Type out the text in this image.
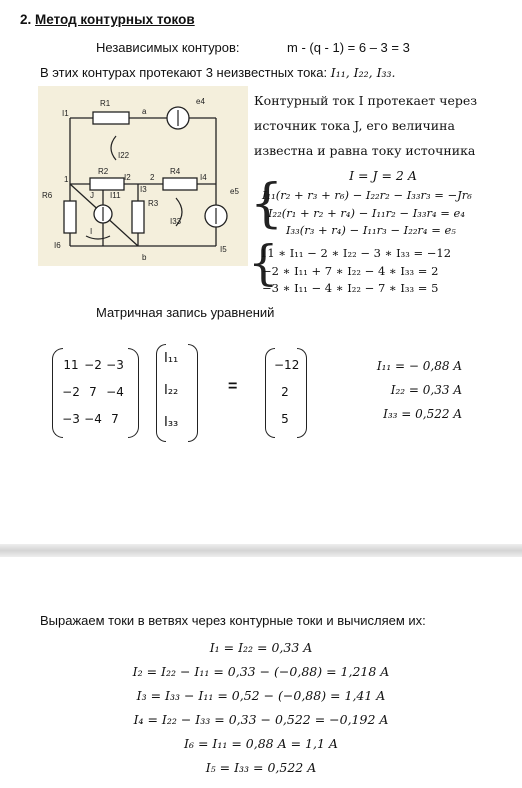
2. Метод контурных токов
Независимых контуров:	m - (q - 1) = 6 – 3 = 3
В этих контурах протекают 3 неизвестных тока: I₁₁, I₂₂, I₃₃.
R1
R2
R3
R4
R6
I1
I2
I3
I4
I5
I6
e4
e5
a
b
1	2
I22
I11
I33
J
I
Контурный ток I протекает через
источник тока J, его величина
известна и равна току источника
I = J = 2 A
{
I₁₁(r₂ + r₃ + r₆) − I₂₂r₂ − I₃₃r₃ = −Jr₆
I₂₂(r₁ + r₂ + r₄) − I₁₁r₂ − I₃₃r₄ = e₄
I₃₃(r₃ + r₄) − I₁₁r₃ − I₂₂r₄ = e₅
{
11 ∗ I₁₁ − 2 ∗ I₂₂ − 3 ∗ I₃₃ = −12
−2 ∗ I₁₁ + 7 ∗ I₂₂ − 4 ∗ I₃₃ = 2
−3 ∗ I₁₁ − 4 ∗ I₂₂ − 7 ∗ I₃₃ = 5
Матричная запись уравнений
11 −2 −3
−2 7 −4
−3 −4 7
I₁₁
I₂₂
I₃₃
=
−12
2
5
I₁₁ = − 0,88 A
I₂₂ = 0,33 A
I₃₃ = 0,522 A
Выражаем токи в ветвях через контурные токи и вычисляем их:
I₁ = I₂₂ = 0,33 A
I₂ = I₂₂ − I₁₁ = 0,33 − (−0,88) = 1,218 A
I₃ = I₃₃ − I₁₁ = 0,52 − (−0,88) = 1,41 A
I₄ = I₂₂ − I₃₃ = 0,33 − 0,522 = −0,192 A
I₆ = I₁₁ = 0,88 A = 1,1 A
I₅ = I₃₃ = 0,522 A
